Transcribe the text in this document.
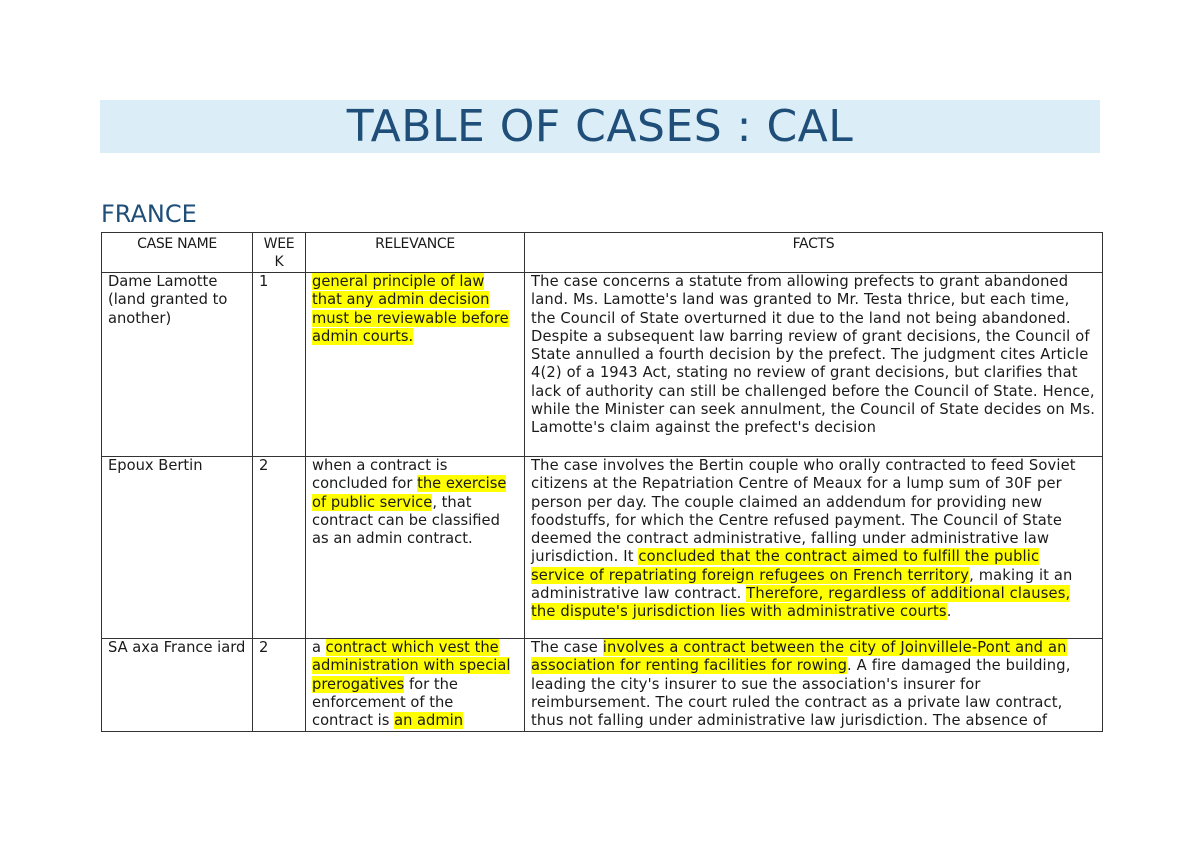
TABLE OF CASES : CAL
FRANCE
CASE NAME	WEE K	RELEVANCE	FACTS
Dame Lamotte (land granted to another)	1	general principle of law that any admin decision must be reviewable before admin courts.	The case concerns a statute from allowing prefects to grant abandoned land. Ms. Lamotte's land was granted to Mr. Testa thrice, but each time, the Council of State overturned it due to the land not being abandoned. Despite a subsequent law barring review of grant decisions, the Council of State annulled a fourth decision by the prefect. The judgment cites Article 4(2) of a 1943 Act, stating no review of grant decisions, but clarifies that lack of authority can still be challenged before the Council of State. Hence, while the Minister can seek annulment, the Council of State decides on Ms. Lamotte's claim against the prefect's decision

Epoux Bertin	2	when a contract is concluded for the exercise of public service, that contract can be classified as an admin contract.	The case involves the Bertin couple who orally contracted to feed Soviet citizens at the Repatriation Centre of Meaux for a lump sum of 30F per person per day. The couple claimed an addendum for providing new foodstuffs, for which the Centre refused payment. The Council of State deemed the contract administrative, falling under administrative law jurisdiction. It concluded that the contract aimed to fulfill the public service of repatriating foreign refugees on French territory, making it an administrative law contract. Therefore, regardless of additional clauses, the dispute's jurisdiction lies with administrative courts.

SA axa France iard	2	a contract which vest the administration with special prerogatives for the enforcement of the contract is an admin	The case involves a contract between the city of Joinvillele-Pont and an association for renting facilities for rowing. A fire damaged the building, leading the city's insurer to sue the association's insurer for reimbursement. The court ruled the contract as a private law contract, thus not falling under administrative law jurisdiction. The absence of
